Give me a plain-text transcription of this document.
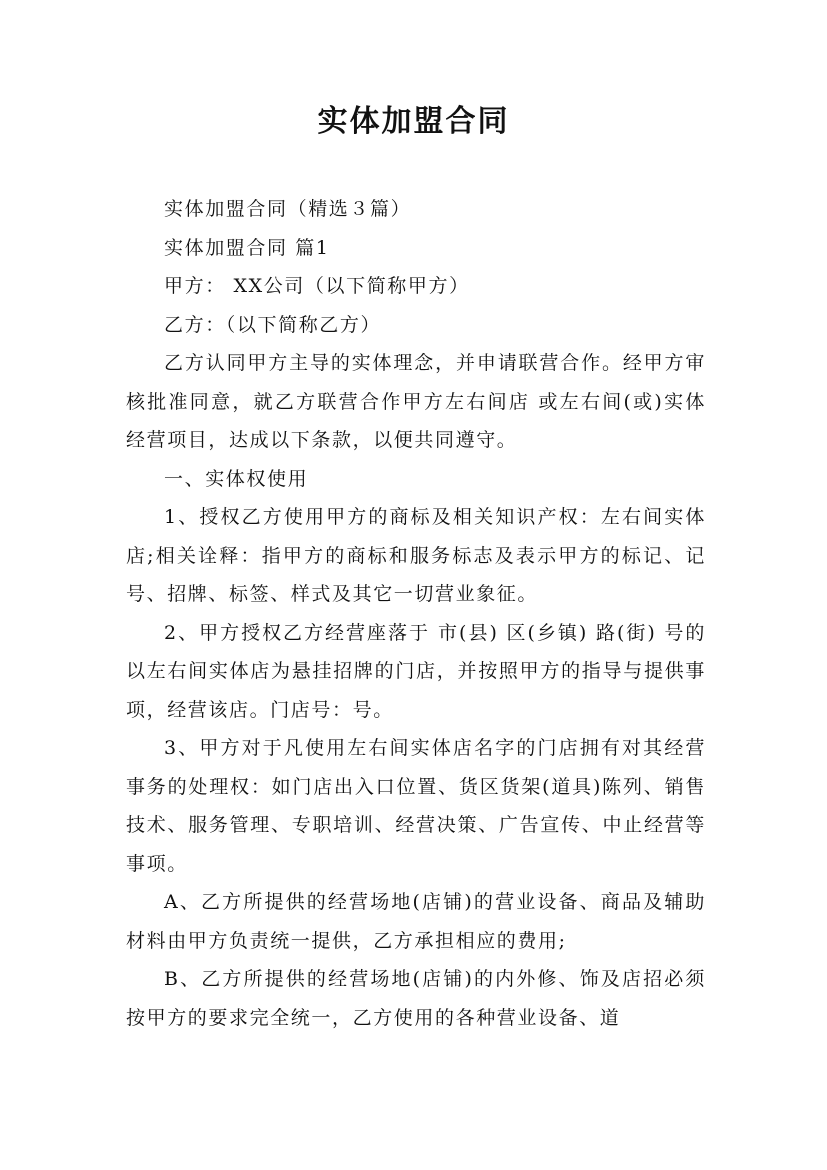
实体加盟合同

实体加盟合同（精选３篇）

实体加盟合同 篇1

甲方： XX公司（以下简称甲方）

乙方：（以下简称乙方）

乙方认同甲方主导的实体理念，并申请联营合作。经甲方审核批准同意，就乙方联营合作甲方左右间店 或左右间(或)实体经营项目，达成以下条款，以便共同遵守。

一、实体权使用

1、授权乙方使用甲方的商标及相关知识产权：左右间实体店;相关诠释：指甲方的商标和服务标志及表示甲方的标记、记号、招牌、标签、样式及其它一切营业象征。

2、甲方授权乙方经营座落于 市(县) 区(乡镇) 路(街) 号的以左右间实体店为悬挂招牌的门店，并按照甲方的指导与提供事项，经营该店。门店号：号。

3、甲方对于凡使用左右间实体店名字的门店拥有对其经营事务的处理权：如门店出入口位置、货区货架(道具)陈列、销售技术、服务管理、专职培训、经营决策、广告宣传、中止经营等事项。

A、乙方所提供的经营场地(店铺)的营业设备、商品及辅助材料由甲方负责统一提供，乙方承担相应的费用;

B、乙方所提供的经营场地(店铺)的内外修、饰及店招必须按甲方的要求完全统一，乙方使用的各种营业设备、道
